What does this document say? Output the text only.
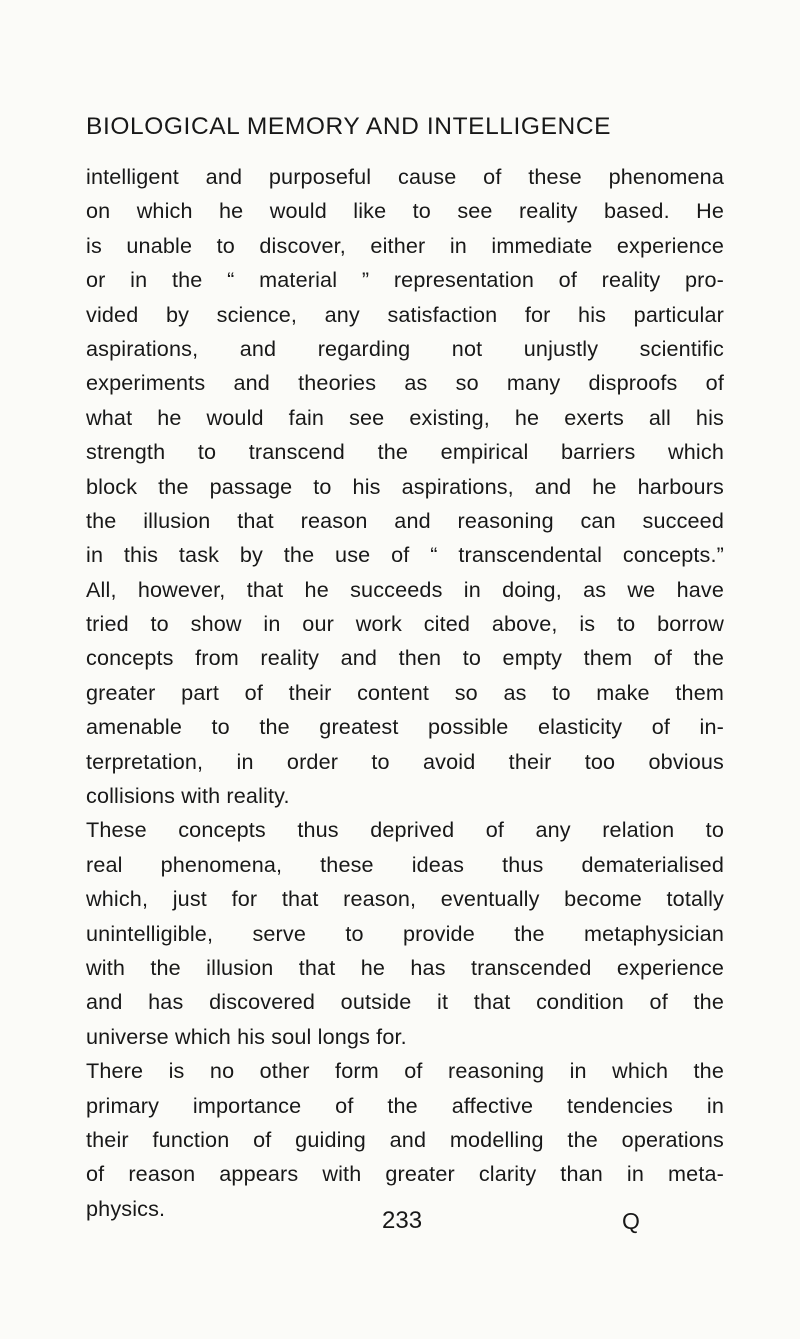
BIOLOGICAL MEMORY AND INTELLIGENCE
intelligent and purposeful cause of these phenomena
on which he would like to see reality based. He
is unable to discover, either in immediate experience
or in the “ material ” representation of reality pro-
vided by science, any satisfaction for his particular
aspirations, and regarding not unjustly scientific
experiments and theories as so many disproofs of
what he would fain see existing, he exerts all his
strength to transcend the empirical barriers which
block the passage to his aspirations, and he harbours
the illusion that reason and reasoning can succeed
in this task by the use of “ transcendental concepts.”
All, however, that he succeeds in doing, as we have
tried to show in our work cited above, is to borrow
concepts from reality and then to empty them of the
greater part of their content so as to make them
amenable to the greatest possible elasticity of in-
terpretation, in order to avoid their too obvious
collisions with reality.
These concepts thus deprived of any relation to
real phenomena, these ideas thus dematerialised
which, just for that reason, eventually become totally
unintelligible, serve to provide the metaphysician
with the illusion that he has transcended experience
and has discovered outside it that condition of the
universe which his soul longs for.
There is no other form of reasoning in which the
primary importance of the affective tendencies in
their function of guiding and modelling the operations
of reason appears with greater clarity than in meta-
physics.	233	Q
